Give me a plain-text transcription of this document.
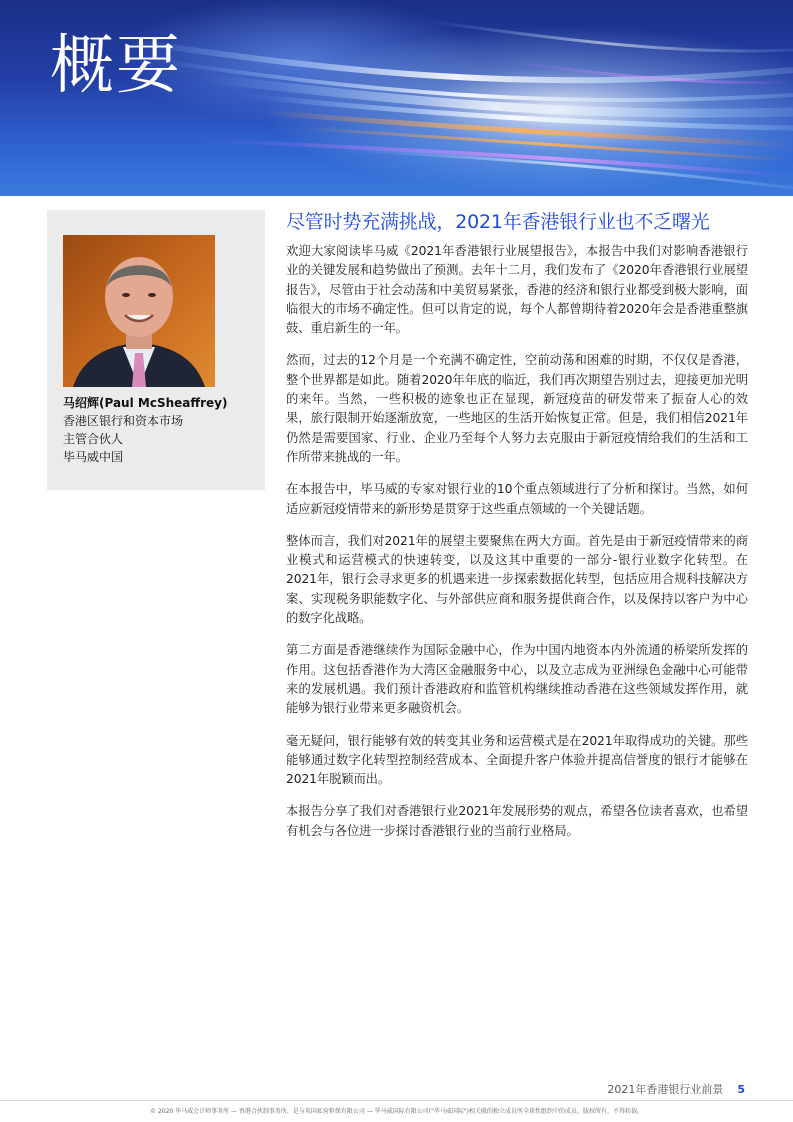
概要
马绍辉(Paul McSheaffrey)
香港区银行和资本市场
主管合伙人
毕马威中国
尽管时势充满挑战，2021年香港银行业也不乏曙光

欢迎大家阅读毕马威《2021年香港银行业展望报告》，本报告中我们对影响香港银行业的关键发展和趋势做出了预测。去年十二月，我们发布了《2020年香港银行业展望报告》，尽管由于社会动荡和中美贸易紧张，香港的经济和银行业都受到极大影响，面临很大的市场不确定性。但可以肯定的说，每个人都曾期待着2020年会是香港重整旗鼓、重启新生的一年。

然而，过去的12个月是一个充满不确定性，空前动荡和困难的时期，不仅仅是香港，整个世界都是如此。随着2020年年底的临近，我们再次期望告别过去，迎接更加光明的来年。当然，一些积极的迹象也正在显现，新冠疫苗的研发带来了振奋人心的效果，旅行限制开始逐渐放宽，一些地区的生活开始恢复正常。但是，我们相信2021年仍然是需要国家、行业、企业乃至每个人努力去克服由于新冠疫情给我们的生活和工作所带来挑战的一年。

在本报告中，毕马威的专家对银行业的10个重点领域进行了分析和探讨。当然，如何适应新冠疫情带来的新形势是贯穿于这些重点领域的一个关键话题。

整体而言，我们对2021年的展望主要聚焦在两大方面。首先是由于新冠疫情带来的商业模式和运营模式的快速转变，以及这其中重要的一部分-银行业数字化转型。在2021年，银行会寻求更多的机遇来进一步探索数据化转型，包括应用合规科技解决方案、实现税务职能数字化、与外部供应商和服务提供商合作，以及保持以客户为中心的数字化战略。

第二方面是香港继续作为国际金融中心，作为中国内地资本内外流通的桥梁所发挥的作用。这包括香港作为大湾区金融服务中心，以及立志成为亚洲绿色金融中心可能带来的发展机遇。我们预计香港政府和监管机构继续推动香港在这些领域发挥作用，就能够为银行业带来更多融资机会。

毫无疑问，银行能够有效的转变其业务和运营模式是在2021年取得成功的关键。那些能够通过数字化转型控制经营成本、全面提升客户体验并提高信誉度的银行才能够在2021年脱颖而出。

本报告分享了我们对香港银行业2021年发展形势的观点，希望各位读者喜欢，也希望有机会与各位进一步探讨香港银行业的当前行业格局。

2021年香港银行业前景 5
© 2020 毕马威会计师事务所 — 香港合伙制事务所，是与英国私营担保有限公司 — 毕马威国际有限公司("毕马威国际")相关联的独立成员所全球性组织中的成员。版权所有，不得转载。
